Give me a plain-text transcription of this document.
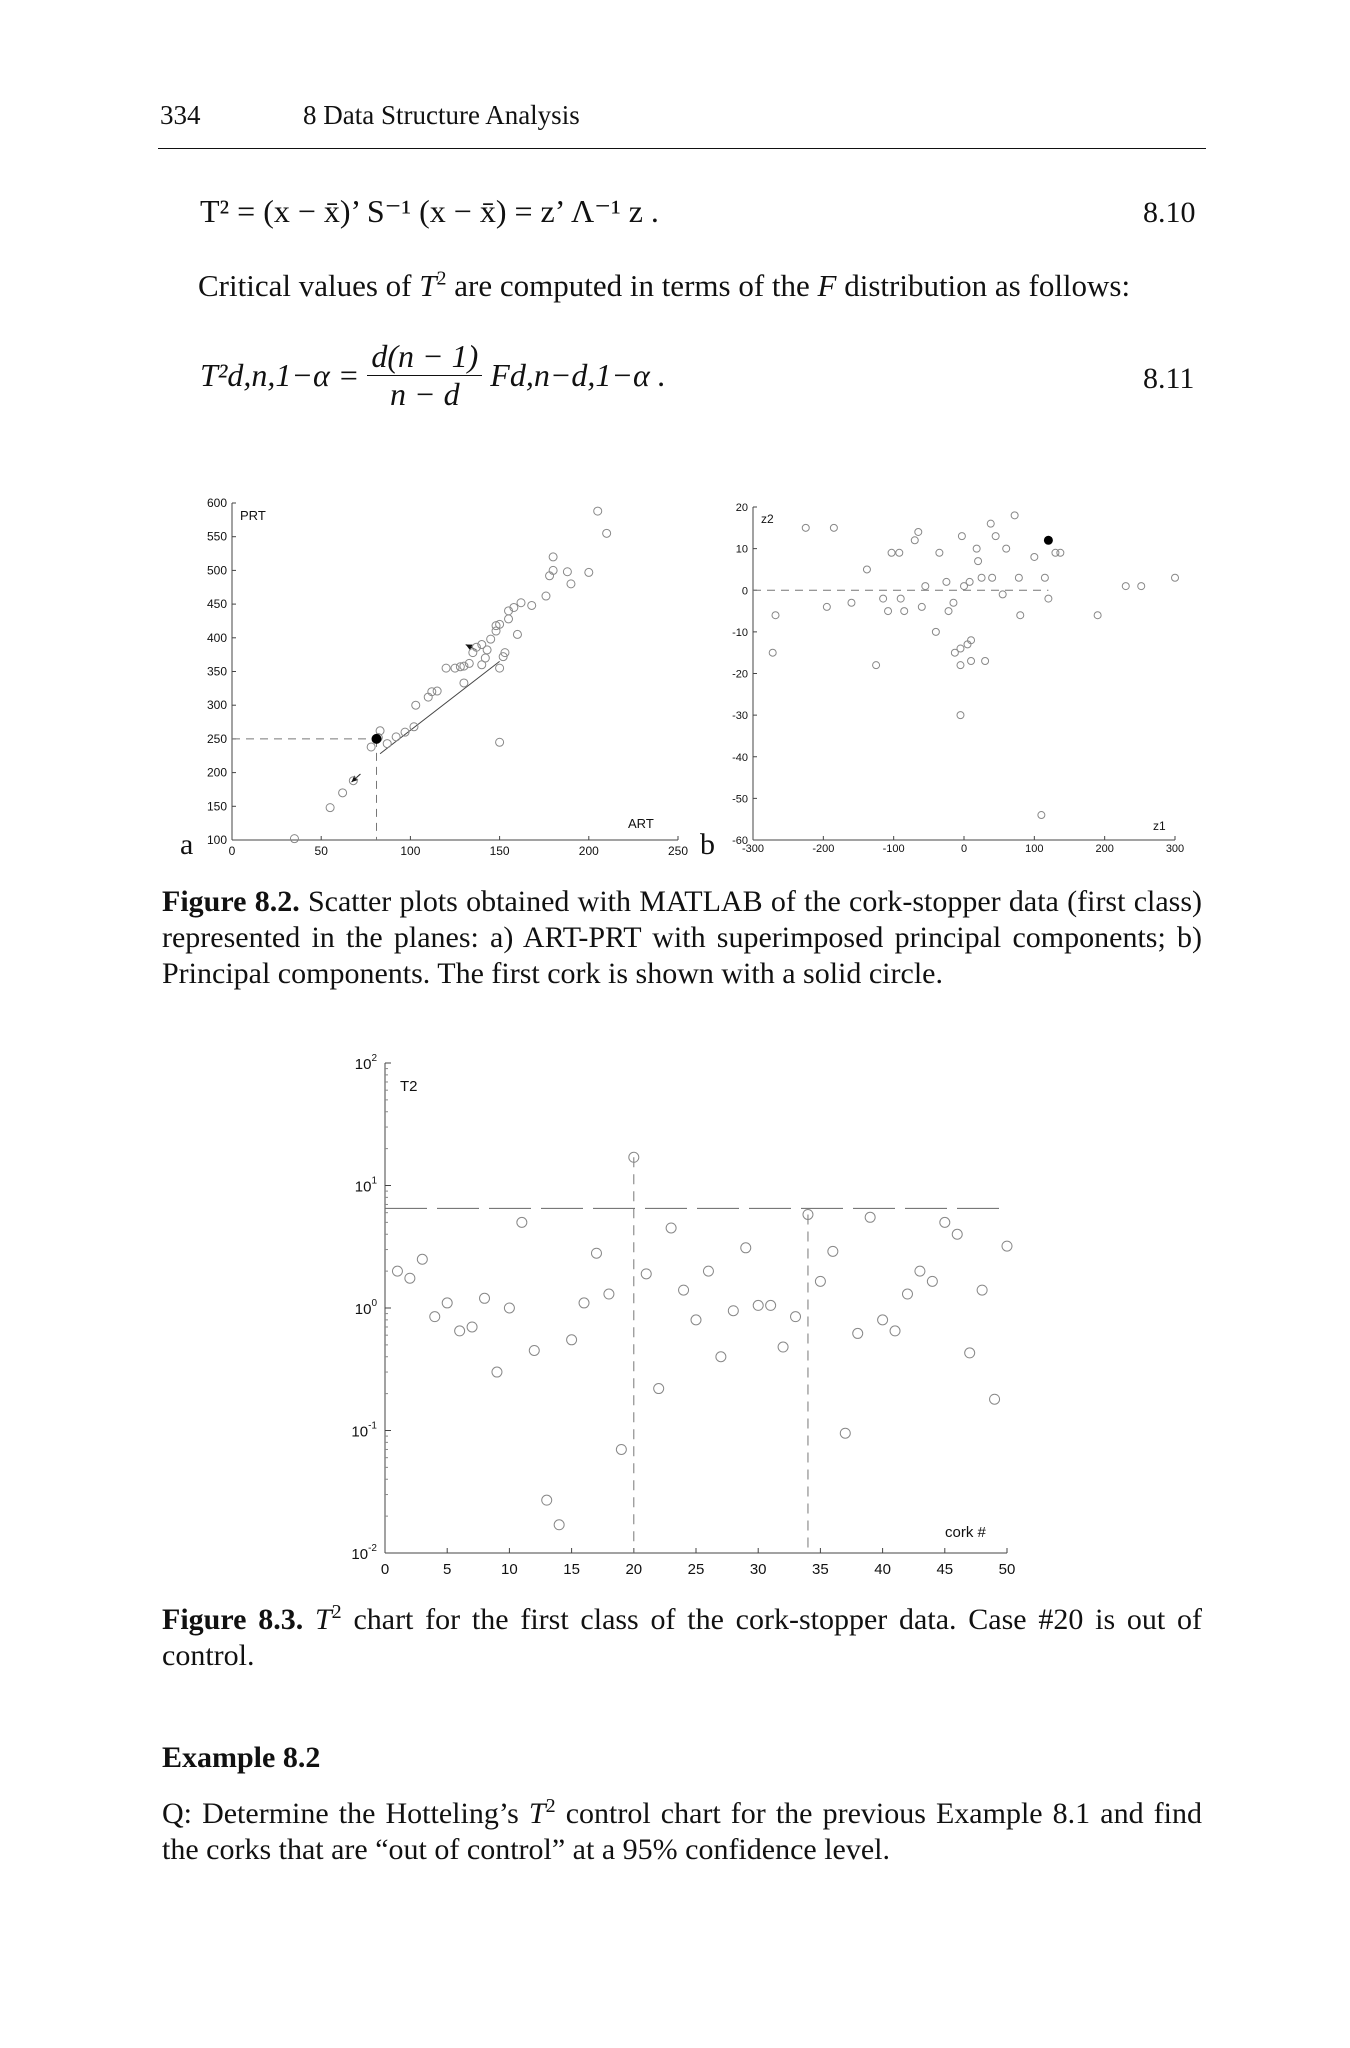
334	8 Data Structure Analysis
T² = (x − x̄)’ S⁻¹ (x − x̄) = z’ Λ⁻¹ z .	8.10
Critical values of $T^2$ are computed in terms of the F distribution as follows:
$T^2d,n,1-\alpha = \frac{d(n - 1)}{n - d} Fd,n-d,1-\alpha$ .	8.11
a 100
150
200
250
300
350
400
450
500
550
600
0	50	100	150	200	250
PRT
ART
b -60
-50
-40
-30
-20
-10
0
10
20
-300	-200	-100	0	100	200	300
z2
z1
Figure 8.2. Scatter plots obtained with MATLAB of the cork-stopper data (first class) represented in the planes: a) ART-PRT with superimposed principal components; b) Principal components. The first cork is shown with a solid circle.
$10^{-2}$
$10^{-1}$
$10^0$
$10^1$
$10^2$
0	5	10	15	20	25	30	35	40	45	50
T2
cork #
Figure 8.3. $T^2$ chart for the first class of the cork-stopper data. Case #20 is out of control.
Example 8.2
Q: Determine the Hotteling’s $T^2$ control chart for the previous Example 8.1 and find the corks that are “out of control” at a 95% confidence level.
